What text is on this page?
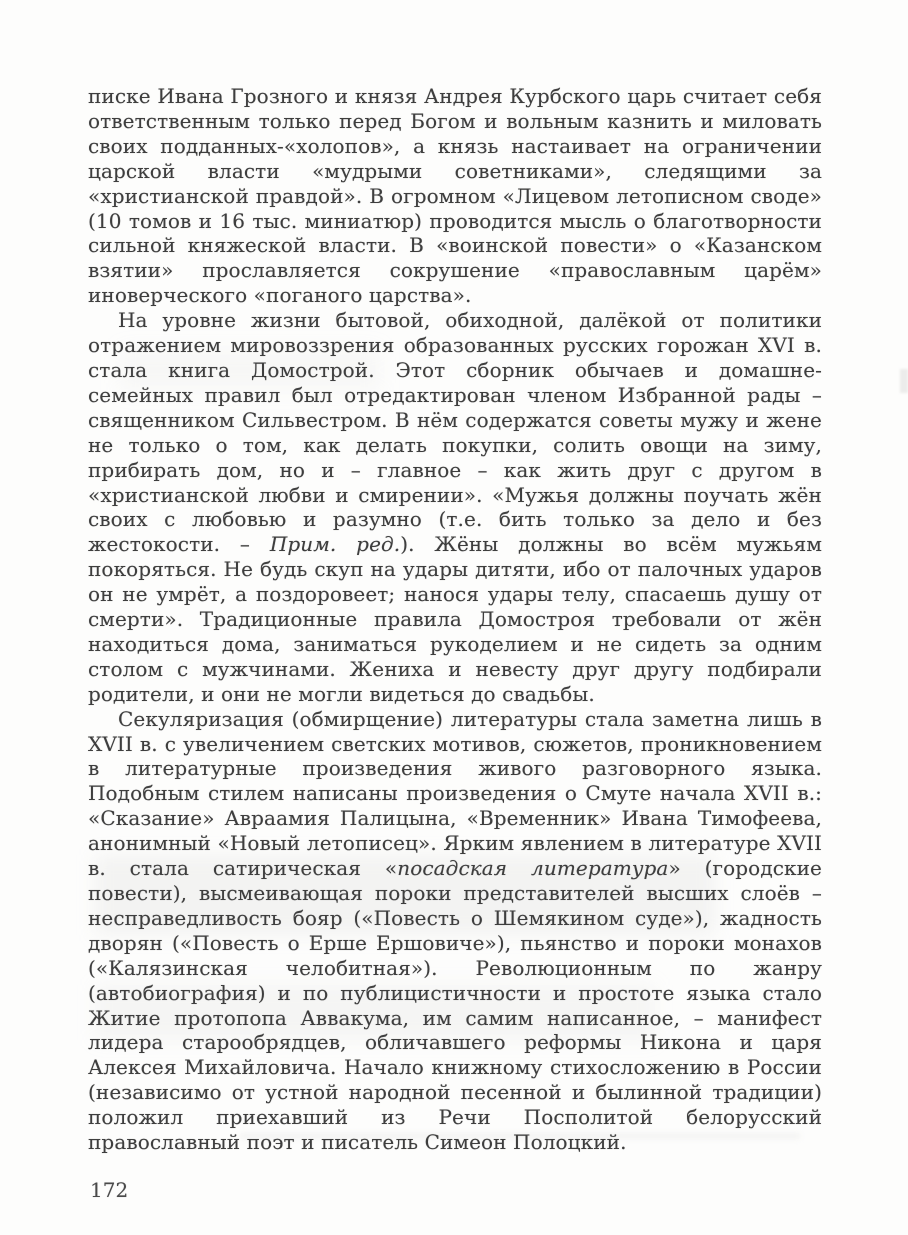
писке Ивана Грозного и князя Андрея Курбского царь считает себя ответственным только перед Богом и вольным казнить и миловать своих подданных-«холопов», а князь настаивает на ограничении царской власти «мудрыми советниками», следящими за «христианской правдой». В огромном «Лицевом летописном своде» (10 томов и 16 тыс. миниатюр) проводится мысль о благотворности сильной княжеской власти. В «воинской повести» о «Казанском взятии» прославляется сокрушение «православным царём» иноверческого «поганого царства».

На уровне жизни бытовой, обиходной, далёкой от политики отражением мировоззрения образованных русских горожан XVI в. стала книга Домострой. Этот сборник обычаев и домашне-семейных правил был отредактирован членом Избранной рады – священником Сильвестром. В нём содержатся советы мужу и жене не только о том, как делать покупки, солить овощи на зиму, прибирать дом, но и – главное – как жить друг с другом в «христианской любви и смирении». «Мужья должны поучать жён своих с любовью и разумно (т.е. бить только за дело и без жестокости. – Прим. ред.). Жёны должны во всём мужьям покоряться. Не будь скуп на удары дитяти, ибо от палочных ударов он не умрёт, а поздоровеет; нанося удары телу, спасаешь душу от смерти». Традиционные правила Домостроя требовали от жён находиться дома, заниматься рукоделием и не сидеть за одним столом с мужчинами. Жениха и невесту друг другу подбирали родители, и они не могли видеться до свадьбы.

Секуляризация (обмирщение) литературы стала заметна лишь в XVII в. с увеличением светских мотивов, сюжетов, проникновением в литературные произведения живого разговорного языка. Подобным стилем написаны произведения о Смуте начала XVII в.: «Сказание» Авраамия Палицына, «Временник» Ивана Тимофеева, анонимный «Новый летописец». Ярким явлением в литературе XVII в. стала сатирическая «посадская литература» (городские повести), высмеивающая пороки представителей высших слоёв – несправедливость бояр («Повесть о Шемякином суде»), жадность дворян («Повесть о Ерше Ершовиче»), пьянство и пороки монахов («Калязинская челобитная»). Революционным по жанру (автобиография) и по публицистичности и простоте языка стало Житие протопопа Аввакума, им самим написанное, – манифест лидера старообрядцев, обличавшего реформы Никона и царя Алексея Михайловича. Начало книжному стихосложению в России (независимо от устной народной песенной и былинной традиции) положил приехавший из Речи Посполитой белорусский православный поэт и писатель Симеон Полоцкий.

172
